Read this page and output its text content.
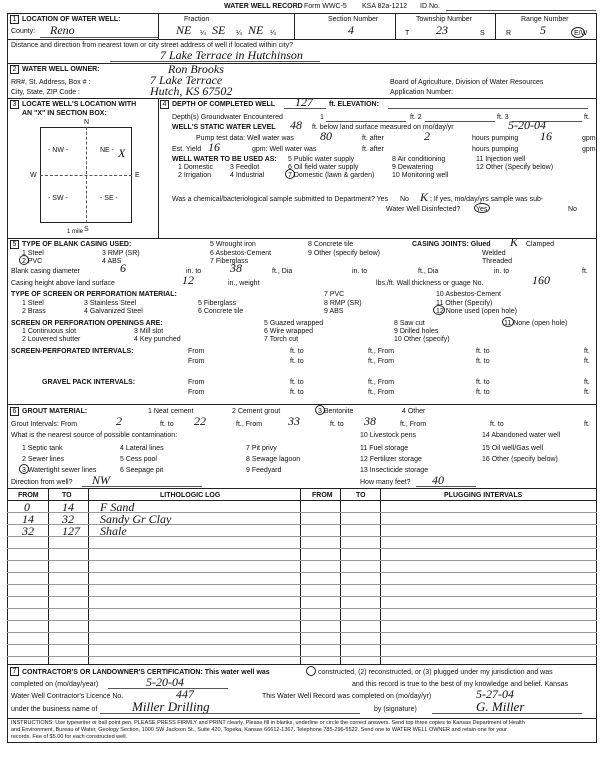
WATER WELL RECORD Form WWC-5 KSA 82a-1212 ID No.
1 LOCATION OF WATER WELL:
County: Reno
Fraction
NE ¼ SE ¼ NE ¼
Section Number
4
Township Number
T 23	S
Range Number
R 5	E/W
Distance and direction from nearest town or city street address of well if located within city?
7 Lake Terrace in Hutchinson
2 WATER WELL OWNER:	Ron Brooks
RR#, St. Address, Box # :	7 Lake Terrace	Board of Agriculture, Division of Water Resources
City, State, ZIP Code :	Hutch, KS 67502	Application Number:
3 LOCATE WELL'S LOCATION WITH
AN "X" IN SECTION BOX:
N
S
W	E
- NW -	NE -
- SW -	- SE -
X
1 mile
4 DEPTH OF COMPLETED WELL 127 ft. ELEVATION:
Depth(s) Groundwater Encountered	1	ft. 2	ft. 3	ft.
WELL'S STATIC WATER LEVEL 48 ft. below land surface measured on mo/day/yr	5-20-04
Pump test data: Well water was 80	ft. after	2	hours pumping 16	gpm
Est. Yield 16	gpm: Well water was	ft. after	hours pumping	gpm
WELL WATER TO BE USED AS:
1 Domestic 3 Feedlot
5 Public water supply	8 Air conditioning	11 Injection well
2 Irrigation	4 Industrial	7 Domestic (lawn & garden)
9 Dewatering	12 Other (Specify below)
6 Oil field water supply
10 Monitoring well
Was a chemical/bacteriological sample submitted to Department? Yes No K ; If yes, mo/day/yrs sample was sub-
Water Well Disinfected? Yes	No
5 TYPE OF BLANK CASING USED:
1 Steel	3 RMP (SR)
5 Wrought iron	8 Concrete tile
2 PVC	4 ABS
6 Asbestos-Cement	9 Other (specify below)
7 Fiberglass
CASING JOINTS: Glued K Clamped
Welded
Threaded
Blank casing diameter	6	in. to 38	ft., Dia	in. to	ft., Dia	in. to	ft.
Casing height above land surface	12	in., weight	lbs./ft. Wall thickness or guage No.	160
TYPE OF SCREEN OR PERFORATION MATERIAL:
1 Steel	3 Stainless Steel	5 Fiberglass
7 PVC	10 Asbestos-Cement
2 Brass	4 Galvanized Steel	6 Concrete tile
8 RMP (SR)	11 Other (Specify)
9 ABS	12 None used (open hole)
SCREEN OR PERFORATION OPENINGS ARE:	5 Guazed wrapped	8 Saw cut	11 None (open hole)
1 Continuous slot	3 Mill slot	6 Wire wrapped	9 Drilled holes
2 Louvered shutter	4 Key punched	7 Torch cut	10 Other (specify)
SCREEN-PERFORATED INTERVALS:	From	ft. to	ft., From	ft. to	ft.
From	ft. to	ft., From	ft. to	ft.
GRAVEL PACK INTERVALS:	From	ft. to	ft., From	ft. to	ft.
From	ft. to	ft., From	ft. to	ft.
6 GROUT MATERIAL:	1 Neat cement	2 Cement grout	3 Bentonite	4 Other
Grout Intervals: From	2	ft. to 22	ft., From 33	ft. to 38	ft., From	ft. to	ft.
What is the nearest source of possible contamination:
1 Septic tank	4 Lateral lines	7 Pit privy
10 Livestock pens	14 Abandoned water well
2 Sewer lines	5 Cess pool	8 Sewage lagoon
11 Fuel storage	15 Oil well/Gas well
3 Watertight sewer lines	6 Seepage pit	9 Feedyard
12 Fertilizer storage	16 Other (specify below)
13 Insecticide storage
Direction from well? NW	How many feet? 40
FROM	TO	LITHOLOGIC LOG	FROM	TO	PLUGGING INTERVALS
0	14 F Sand
14 32 Sandy Gr Clay
32 127 Shale
7 CONTRACTOR'S OR LANDOWNER'S CERTIFICATION: This water well was	constructed, (2) reconstructed, or (3) plugged under my jurisdiction and was
completed on (mo/day/year)	5-20-04	and this record is true to the best of my knowledge and belief. Kansas
Water Well Contractor's Licence No.	447	This Water Well Record was completed on (mo/day/yr)	5-27-04
under the business name of	Miller Drilling	by (signature)	G. Miller
INSTRUCTIONS: Use typewriter or ball point pen. PLEASE PRESS FIRMLY and PRINT clearly. Please fill in blanks, underline or circle the correct answers. Send top three copies to Kansas Department of Health
and Environment, Bureau of Water, Geology Section, 1000 SW Jackson St., Suite 420, Topeka, Kansas 66612-1367. Telephone 785-296-5522. Send one to WATER WELL OWNER and retain one for your
records. Fee of $5.00 for each constructed well.
